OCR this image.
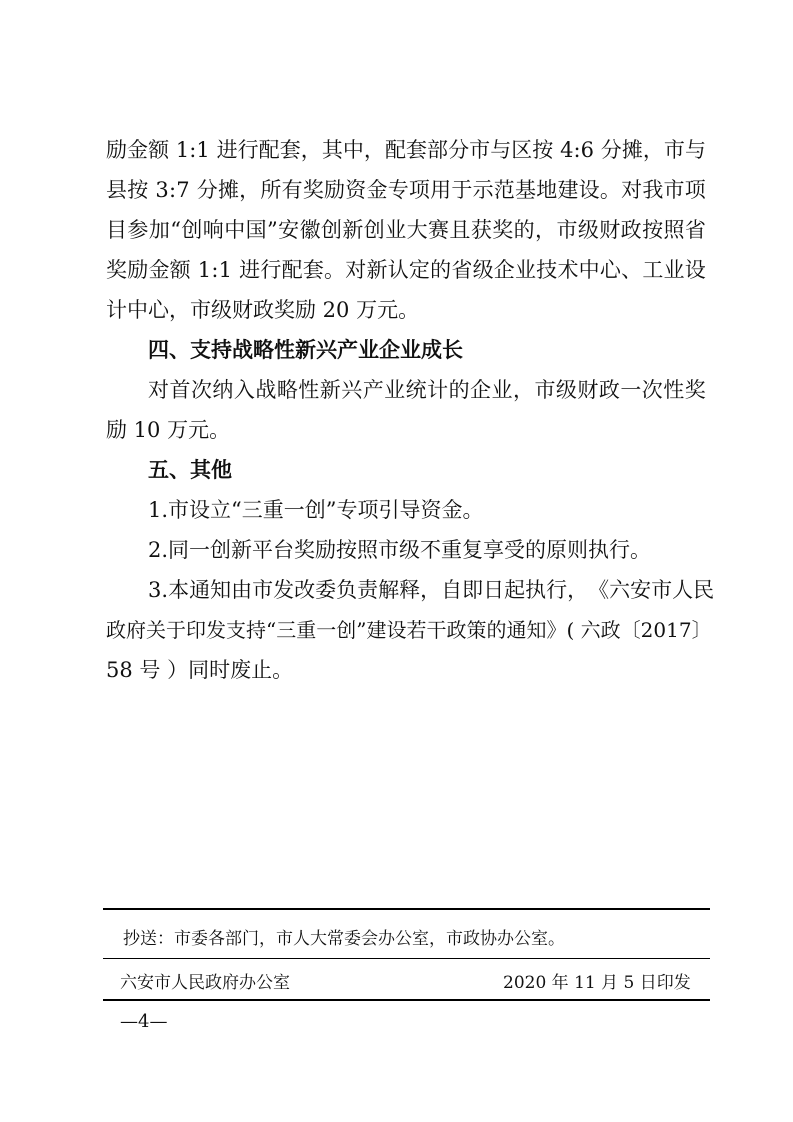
励 金 额
1 : 1
进 行 配 套 ， 其 中 ， 配 套 部 分 市 与 区 按
4 : 6
分 摊 ， 市 与
县 按
3 : 7
分 摊 ， 所 有 奖 励 资 金 专 项 用 于 示 范 基 地 建 设 。 对 我 市 项
目 参 加 “ 创 响 中 国 ” 安 徽 创 新 创 业 大 赛 且 获 奖 的 ， 市 级 财 政 按 照 省
奖 励 金 额
1 : 1
进 行 配 套 。 对 新 认 定 的 省 级 企 业 技 术 中 心 、 工 业 设
计中心，市级财政奖励 20 万元。
四、支持战略性新兴产业企业成长
对 首 次 纳 入 战 略 性 新 兴 产 业 统 计 的 企 业 ， 市 级 财 政 一 次 性 奖
励 10 万元。
五、其他
1.市设立“三重一创”专项引导资金。
2.同一创新平台奖励按照市级不重复享受的原则执行。
3 . 本 通 知 由 市 发 改 委 负 责 解 释 ， 自 即 日 起 执 行 ， 《 六 安 市 人 民
政 府 关 于 印 发 支 持 “ 三 重 一 创 ” 建 设 若 干 政 策 的 通 知 》 (
六 政 〔 2 0 1 7 〕
58 号 ）同时废止。
抄送：市委各部门，市人大常委会办公室，市政协办公室。
六安市人民政府办公室	2020 年 11 月 5 日印发
—4—
